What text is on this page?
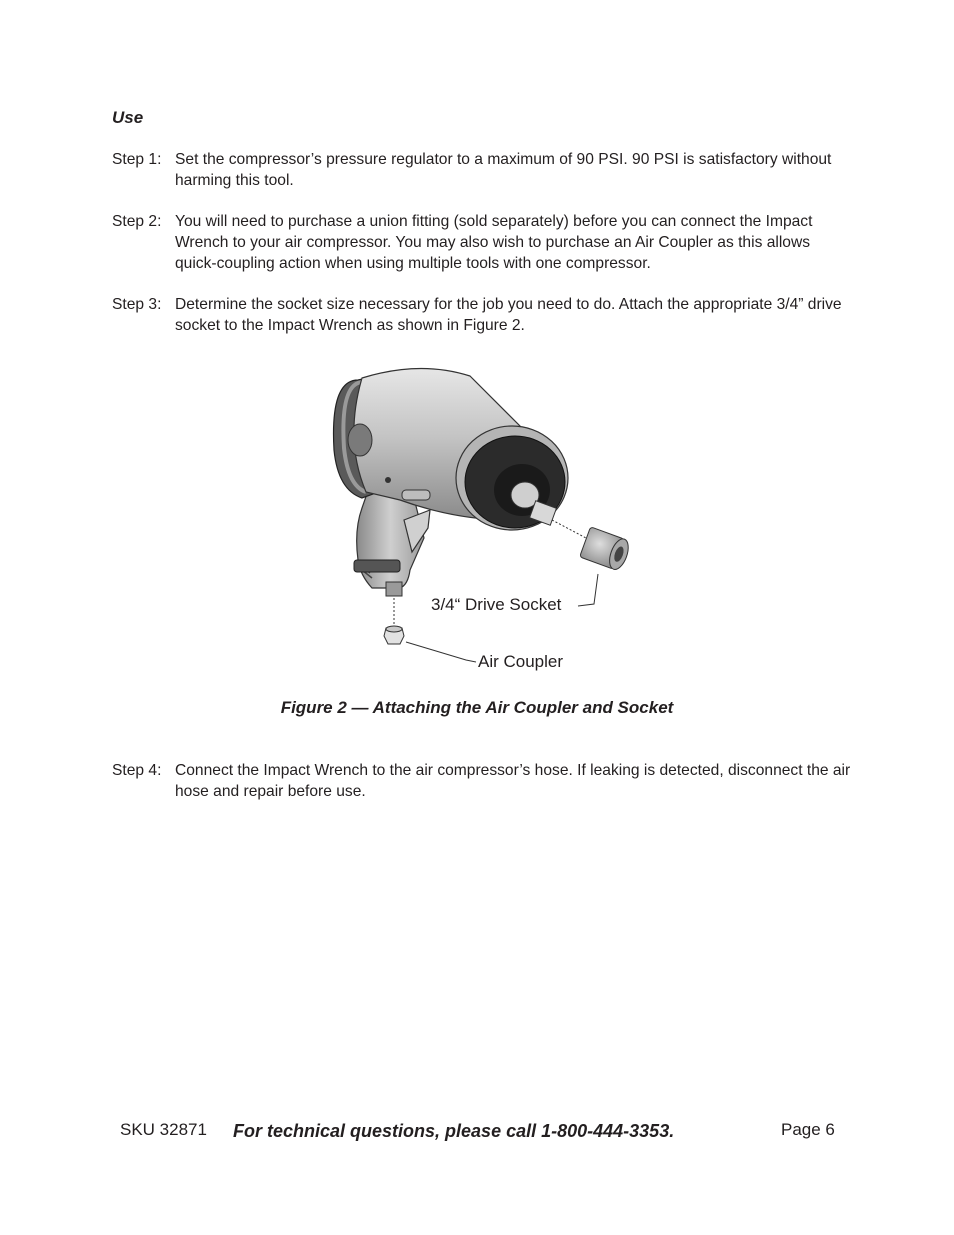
Use
Step 1: Set the compressor’s pressure regulator to a maximum of 90 PSI. 90 PSI is satisfactory without harming this tool.
Step 2: You will need to purchase a union fitting (sold separately) before you can connect the Impact Wrench to your air compressor. You may also wish to purchase an Air Coupler as this allows quick-coupling action when using multiple tools with one compressor.
Step 3: Determine the socket size necessary for the job you need to do. Attach the appropriate 3/4” drive socket to the Impact Wrench as shown in Figure 2.
3/4“ Drive Socket
Air Coupler
Figure 2 — Attaching the Air Coupler and Socket
Step 4: Connect the Impact Wrench to the air compressor’s hose. If leaking is detected, disconnect the air hose and repair before use.
SKU 32871 For technical questions, please call 1-800-444-3353.	Page 6
